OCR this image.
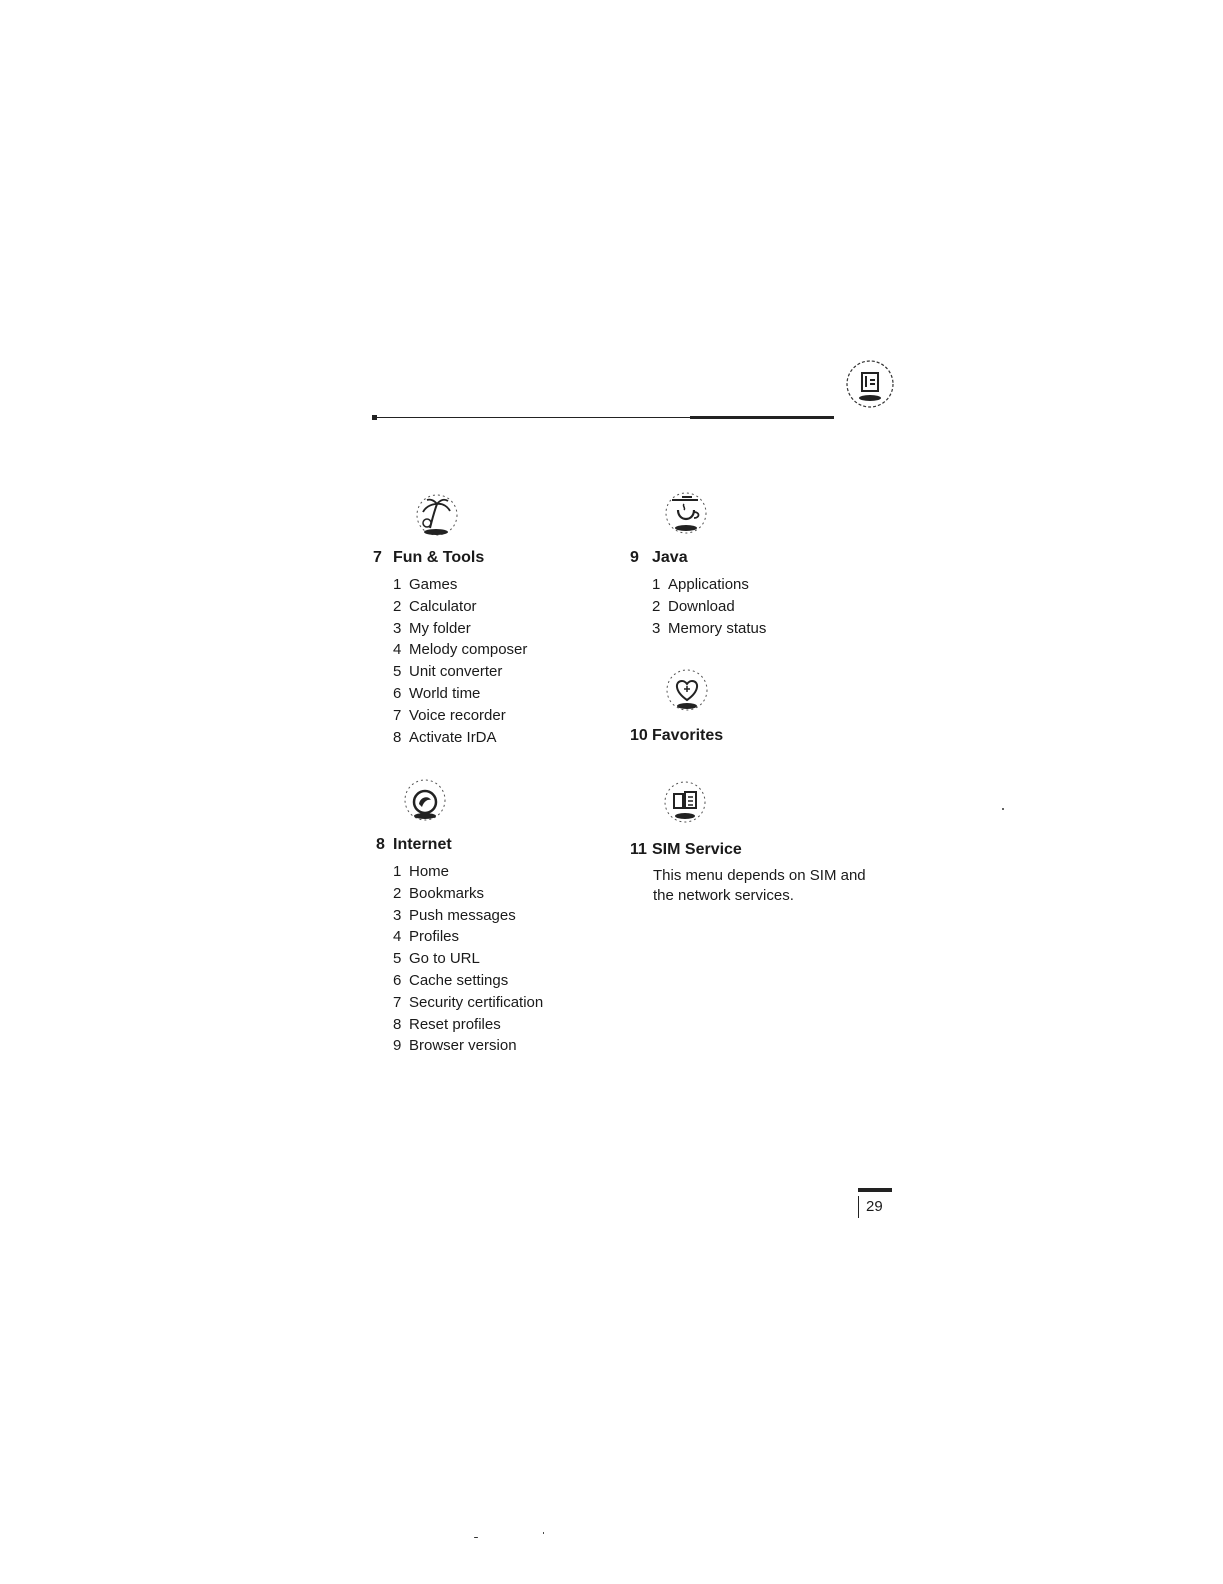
7 Fun & Tools
1 Games
2 Calculator
3 My folder
4 Melody composer
5 Unit converter
6 World time
7 Voice recorder
8 Activate IrDA
8 Internet
1 Home
2 Bookmarks
3 Push messages
4 Profiles
5 Go to URL
6 Cache settings
7 Security certification
8 Reset profiles
9 Browser version
9 Java
1 Applications
2 Download
3 Memory status
10 Favorites
11 SIM Service
This menu depends on SIM and the network services.
29
